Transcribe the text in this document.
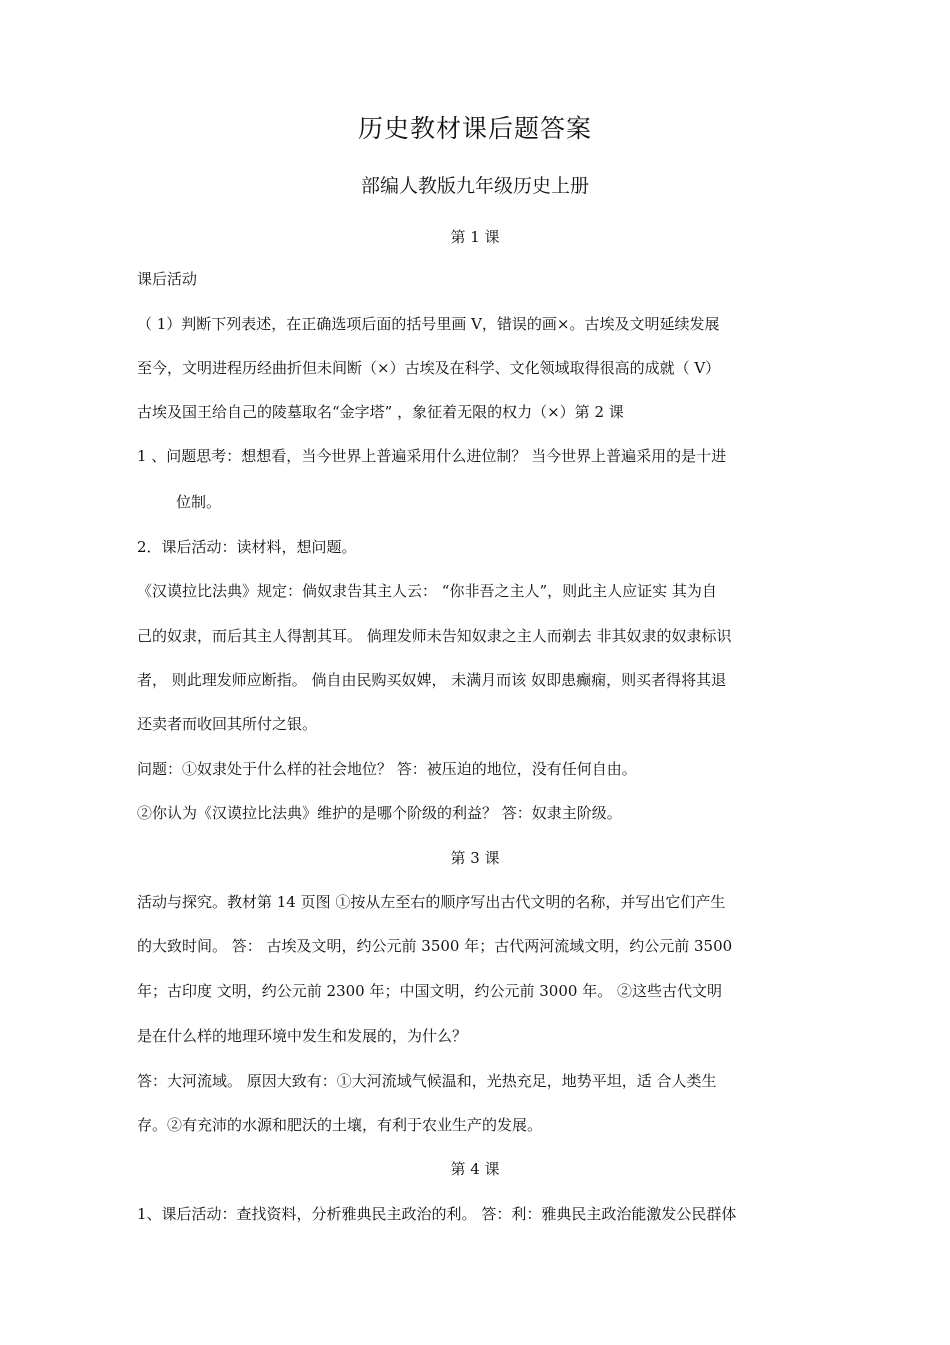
历史教材课后题答案
部编人教版九年级历史上册
第 1 课
课后活动
（ 1）判断下列表述，在正确选项后面的括号里画 V，错误的画×。古埃及文明延续发展
至今，文明进程历经曲折但未间断（×）古埃及在科学、文化领域取得很高的成就（ V）
古埃及国王给自己的陵墓取名“金字塔” ，象征着无限的权力（×）第 2 课
1 、问题思考：想想看，当今世界上普遍采用什么进位制？ 当今世界上普遍采用的是十进
位制。
2．课后活动：读材料，想问题。
《汉谟拉比法典》规定：倘奴隶告其主人云： “你非吾之主人”，则此主人应证实 其为自
己的奴隶，而后其主人得割其耳。 倘理发师未告知奴隶之主人而剃去 非其奴隶的奴隶标识
者， 则此理发师应断指。 倘自由民购买奴婢， 未满月而该 奴即患癫痫，则买者得将其退
还卖者而收回其所付之银。
问题：①奴隶处于什么样的社会地位？ 答：被压迫的地位，没有任何自由。
②你认为《汉谟拉比法典》维护的是哪个阶级的利益？ 答：奴隶主阶级。
第 3 课
活动与探究。教材第 14 页图 ①按从左至右的顺序写出古代文明的名称，并写出它们产生
的大致时间。 答： 古埃及文明，约公元前 3500 年；古代两河流域文明，约公元前 3500
年；古印度 文明，约公元前 2300 年；中国文明，约公元前 3000 年。 ②这些古代文明
是在什么样的地理环境中发生和发展的，为什么？
答：大河流域。 原因大致有：①大河流域气候温和，光热充足，地势平坦，适 合人类生
存。②有充沛的水源和肥沃的土壤，有利于农业生产的发展。
第 4 课
1、课后活动：查找资料，分析雅典民主政治的利。 答：利：雅典民主政治能激发公民群体
